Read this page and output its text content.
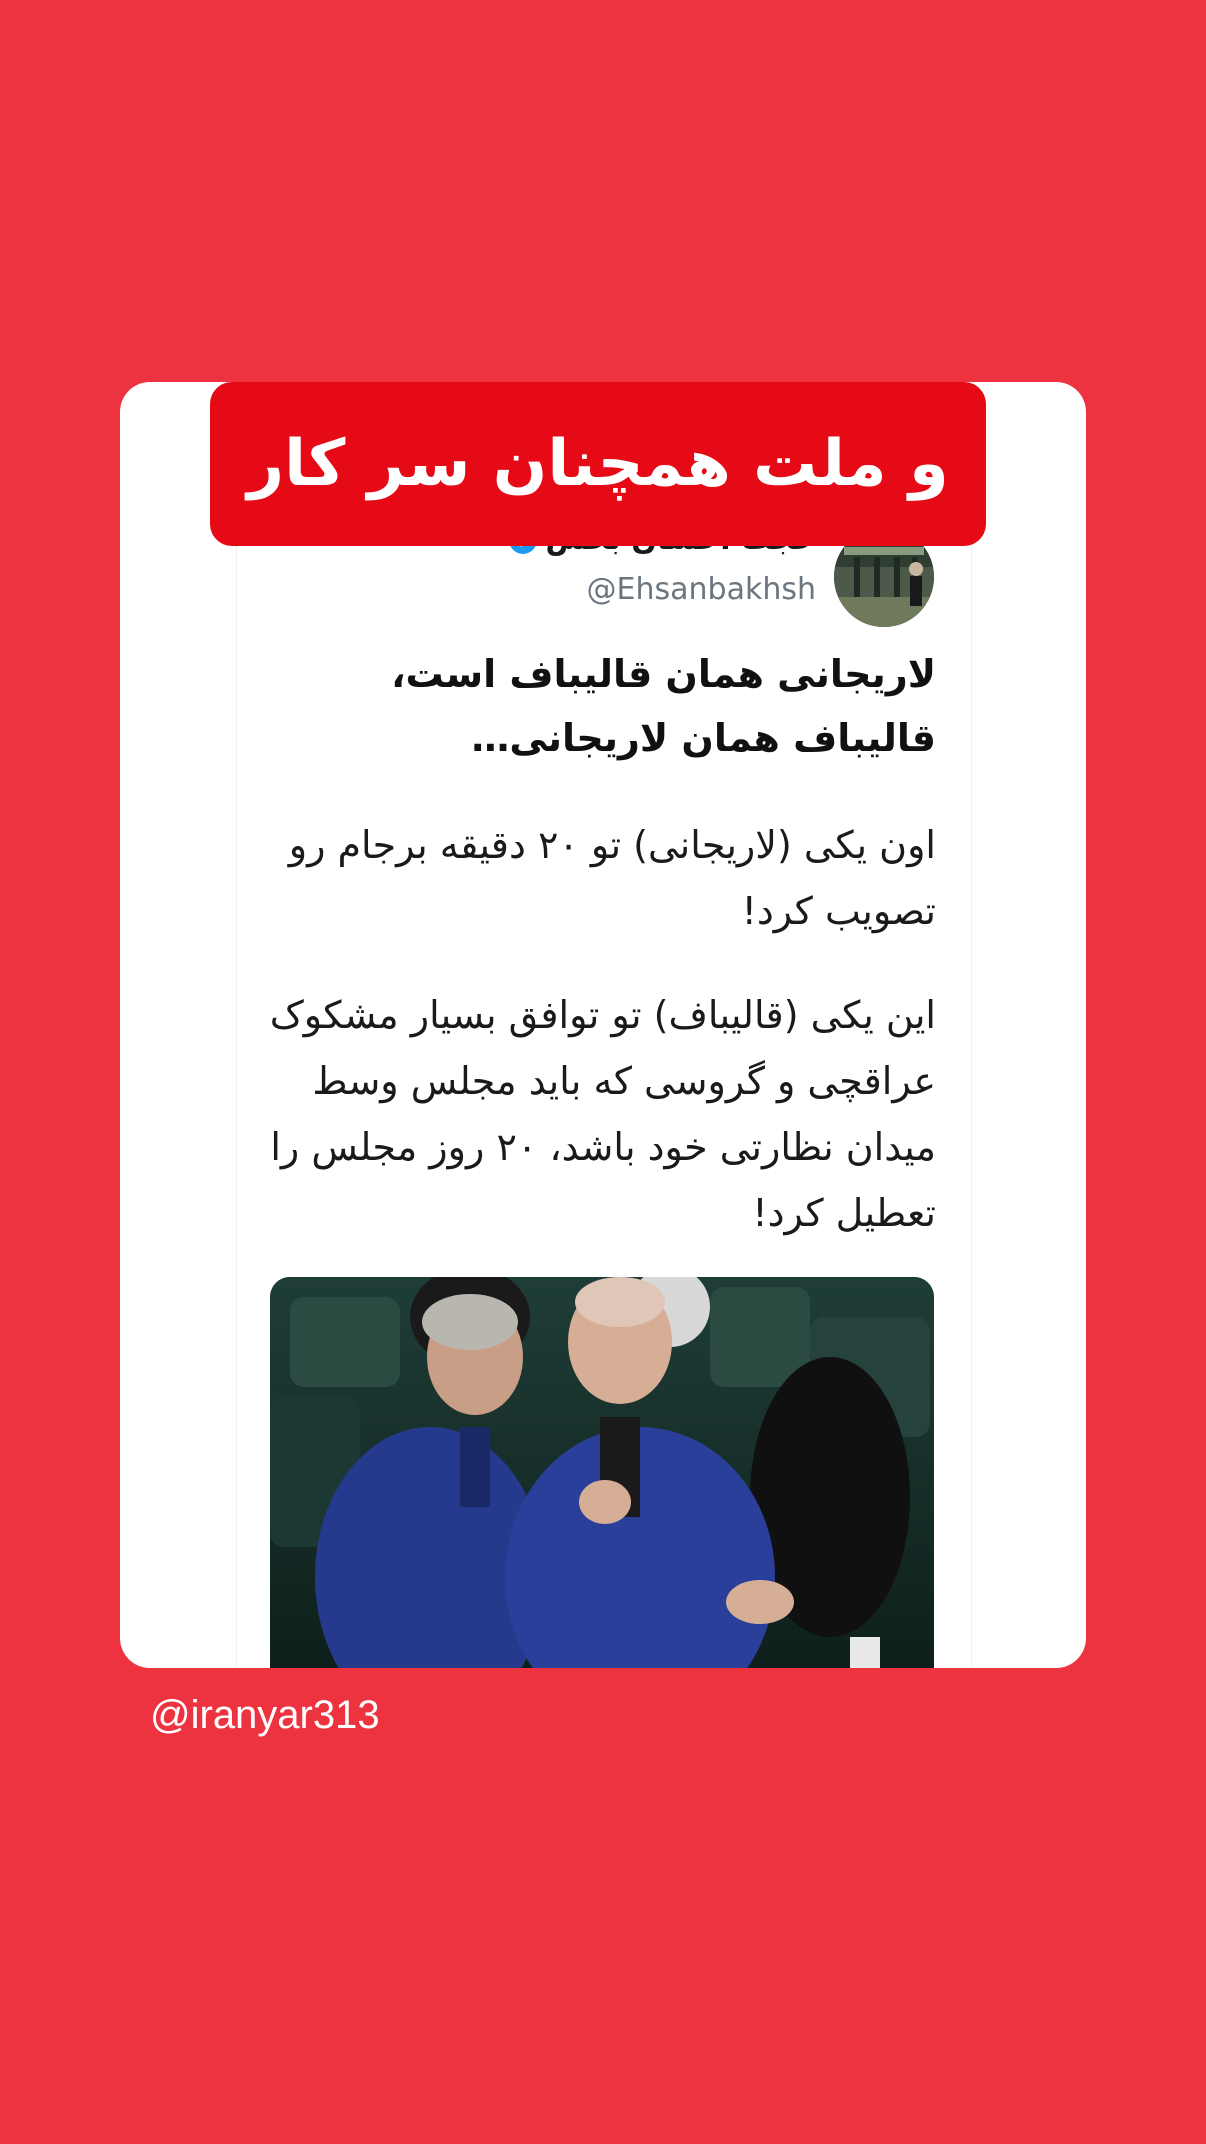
@Ehsanbakhsh
لاریجانی همان قالیباف است، قالیباف همان لاریجانی…
اون یکی (لاریجانی) تو ۲۰ دقیقه برجام رو تصویب کرد!
این یکی (قالیباف) تو توافق بسیار مشکوک عراقچی و گروسی که باید مجلس وسط میدان نظارتی خود باشد، ۲۰ روز مجلس را تعطیل کرد!
و ملت همچنان سر کار
@iranyar313
